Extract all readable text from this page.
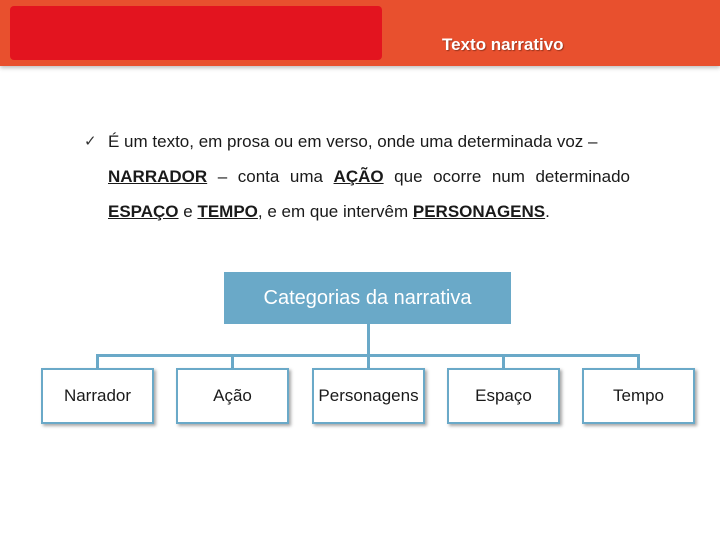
Texto narrativo
✓ É um texto, em prosa ou em verso, onde uma determinada voz –
NARRADOR – conta uma AÇÃO que ocorre num determinado
ESPAÇO e TEMPO, e em que intervêm PERSONAGENS.
Categorias da narrativa
Narrador	Ação	Personagens	Espaço	Tempo
